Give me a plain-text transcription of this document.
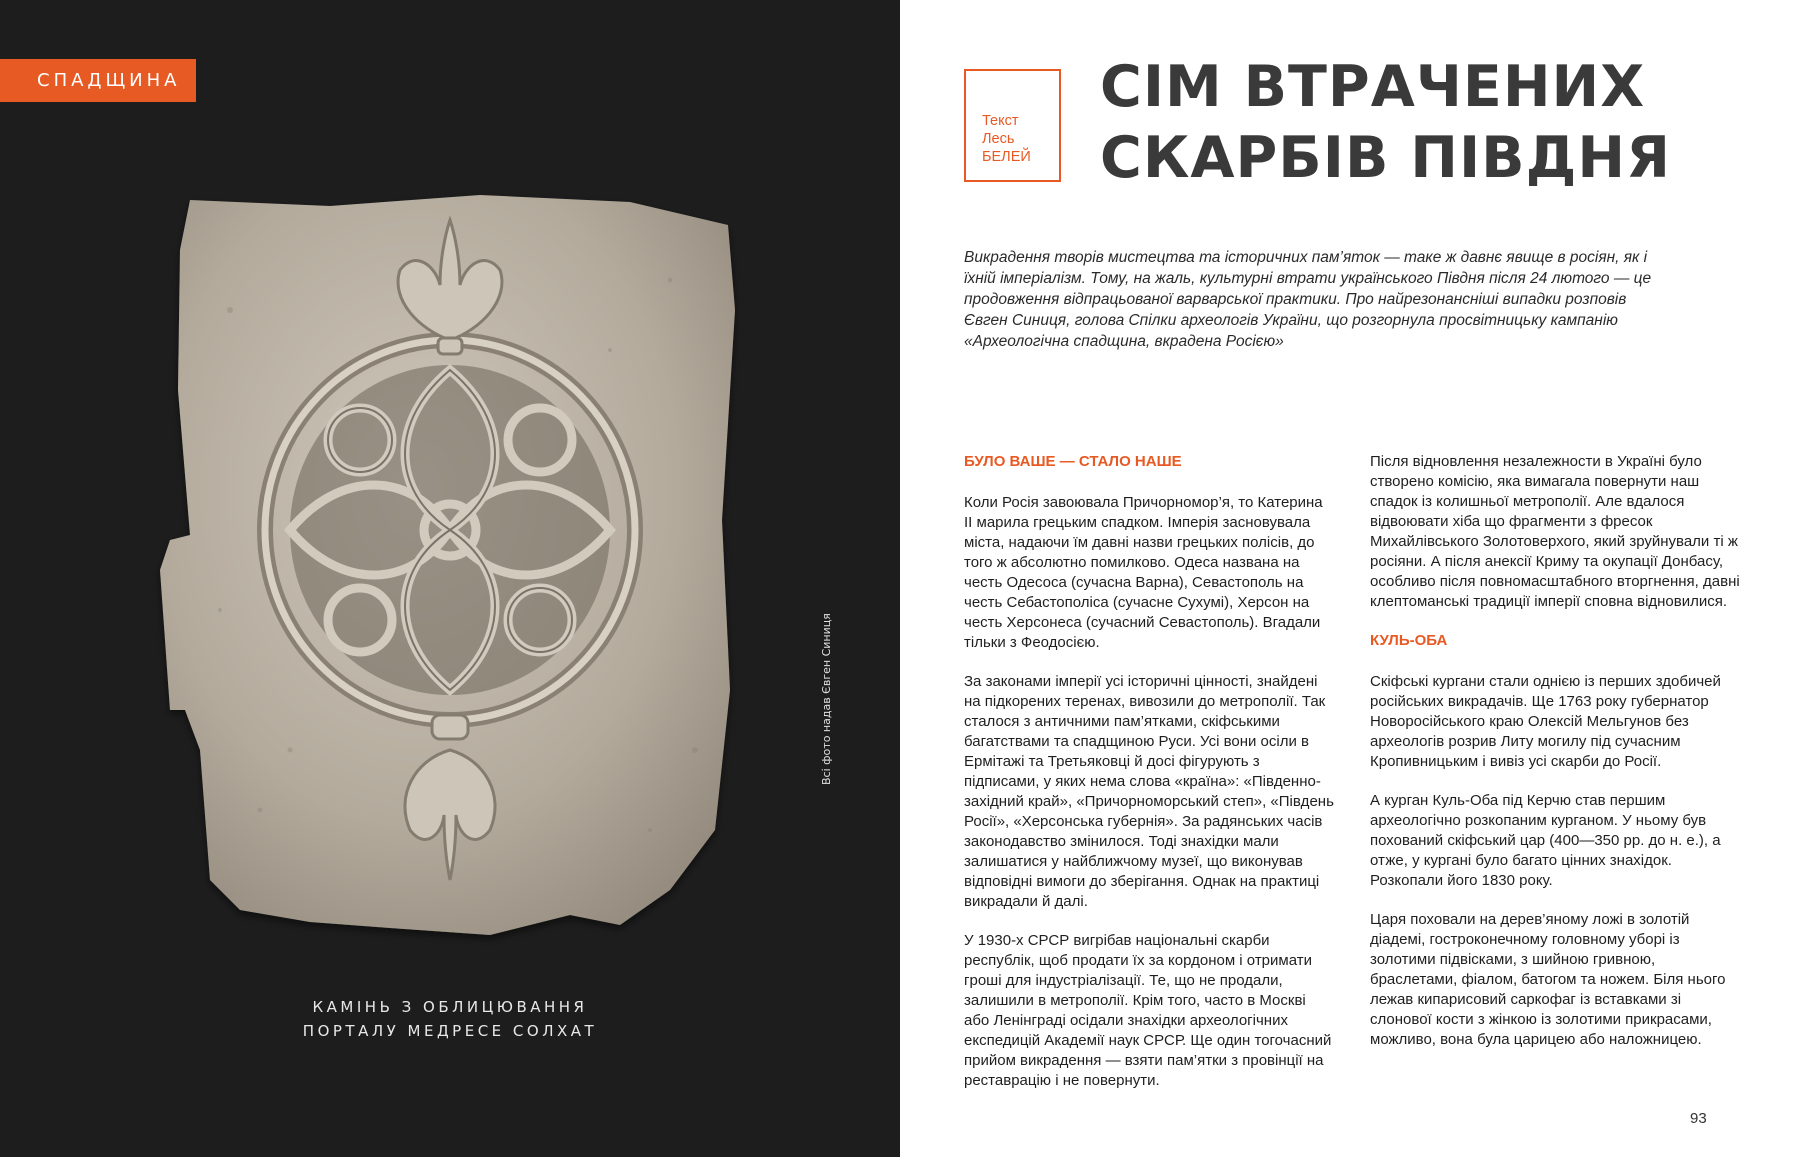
СПАДЩИНА
КАМІНЬ З ОБЛИЦЮВАННЯ
ПОРТАЛУ МЕДРЕСЕ СОЛХАТ
Всі фото надав Євген Синиця
Текст
Лесь
БЕЛЕЙ
СІМ ВТРАЧЕНИХ
СКАРБІВ ПІВДНЯ
Викрадення творів мистецтва та історичних пам’яток — таке ж давнє явище в росіян, як і їхній імперіалізм. Тому, на жаль, культурні втрати українського Півдня після 24 лютого — це продовження відпрацьованої варварської практики. Про найрезонансніші випадки розповів Євген Синиця, голова Спілки археологів України, що розгорнула просвітницьку кампанію «Археологічна спадщина, вкрадена Росією»
БУЛО ВАШЕ — СТАЛО НАШЕ

Коли Росія завоювала Причорномор’я, то Катерина II марила грецьким спадком. Імперія засновувала міста, надаючи їм давні назви грецьких полісів, до того ж абсолютно помилково. Одеса названа на честь Одесоса (сучасна Варна), Севастополь на честь Себастополіса (сучасне Сухумі), Херсон на честь Херсонеса (сучасний Севастополь). Вгадали тільки з Феодосією.

За законами імперії усі історичні цінності, знайдені на підкорених теренах, вивозили до метрополії. Так сталося з античними пам’ятками, скіфськими багатствами та спадщиною Руси. Усі вони осіли в Ермітажі та Третьяковці й досі фігурують з підписами, у яких нема слова «країна»: «Південно-західний край», «Причорноморський степ», «Південь Росії», «Херсонська губернія». За радянських часів законодавство змінилося. Тоді знахідки мали залишатися у найближчому музеї, що виконував відповідні вимоги до зберігання. Однак на практиці викрадали й далі.

У 1930-х СРСР вигрібав національні скарби республік, щоб продати їх за кордоном і отримати гроші для індустріалізації. Те, що не продали, залишили в метрополії. Крім того, часто в Москві або Ленінграді осідали знахідки археологічних експедицій Академії наук СРСР. Ще один тогочасний прийом викрадення — взяти пам’ятки з провінції на реставрацію і не повернути.

Після відновлення незалежности в Україні було створено комісію, яка вимагала повернути наш спадок із колишньої метрополії. Але вдалося відвоювати хіба що фрагменти з фресок Михайлівського Золотоверхого, який зруйнували ті ж росіяни. А після анексії Криму та окупації Донбасу, особливо після повномасштабного вторгнення, давні клептоманські традиції імперії сповна відновилися.

КУЛЬ-ОБА

Скіфські кургани стали однією із перших здобичей російських викрадачів. Ще 1763 року губернатор Новоросійського краю Олексій Мельгунов без археологів розрив Литу могилу під сучасним Кропивницьким і вивіз усі скарби до Росії.

А курган Куль-Оба під Керчю став першим археологічно розкопаним курганом. У ньому був похований скіфський цар (400—350 рр. до н. е.), а отже, у кургані було багато цінних знахідок. Розкопали його 1830 року.

Царя поховали на дерев’яному ложі в золотій діадемі, гостроконечному головному уборі із золотими підвісками, з шийною гривною, браслетами, фіалом, батогом та ножем. Біля нього лежав кипарисовий саркофаг із вставками зі слонової кости з жінкою із золотими прикрасами, можливо, вона була царицею або наложницею.

93
